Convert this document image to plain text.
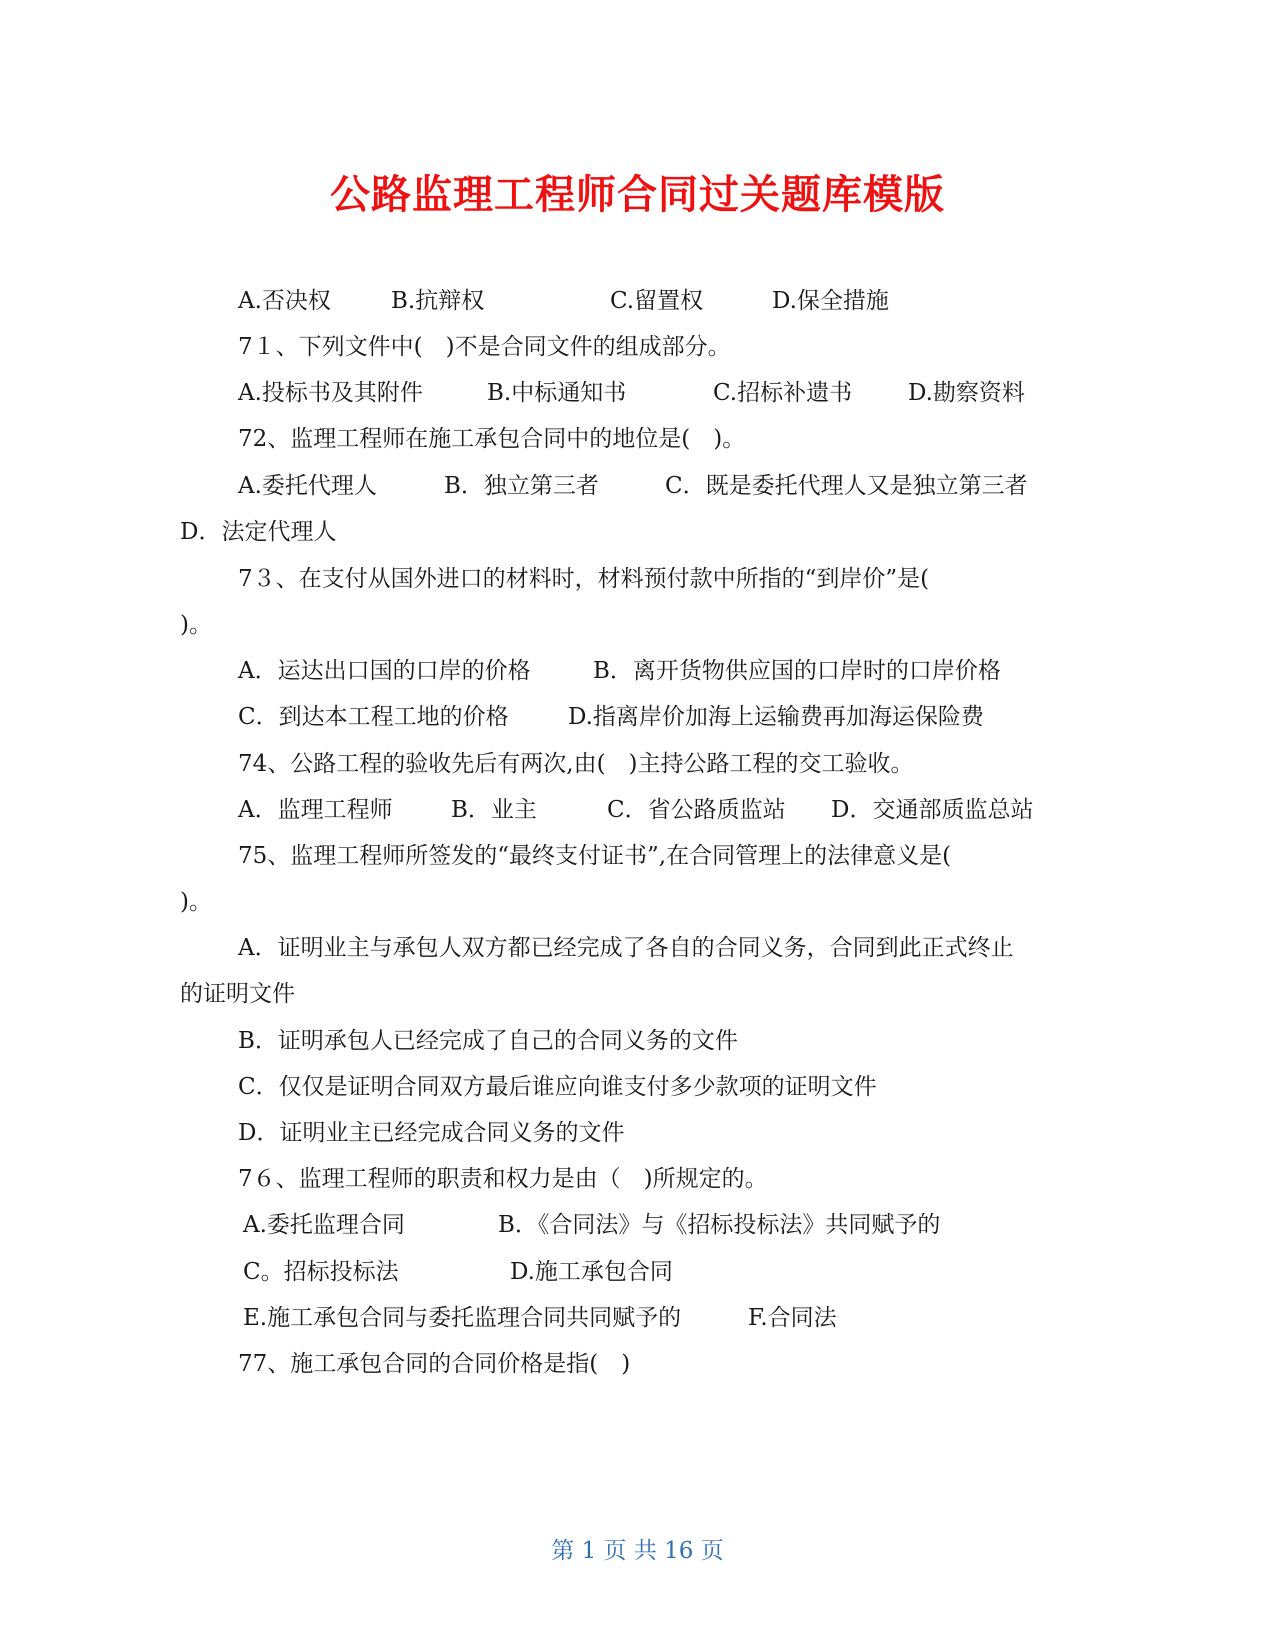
公路监理工程师合同过关题库模版
A.否决权	B.抗辩权	C.留置权	D.保全措施
7１、下列文件中(　)不是合同文件的组成部分。
A.投标书及其附件	B.中标通知书	C.招标补遗书 D.勘察资料
72、监理工程师在施工承包合同中的地位是(　)。
A.委托代理人	B．独立第三者	C．既是委托代理人又是独立第三者
D．法定代理人
7３、在支付从国外进口的材料时，材料预付款中所指的“到岸价”是(
)。
A．运达出口国的口岸的价格	B．离开货物供应国的口岸时的口岸价格
C．到达本工程工地的价格	D.指离岸价加海上运输费再加海运保险费
74、公路工程的验收先后有两次,由(　)主持公路工程的交工验收。
A．监理工程师	B．业主	C．省公路质监站 D．交通部质监总站
75、监理工程师所签发的“最终支付证书”,在合同管理上的法律意义是(
)。
A．证明业主与承包人双方都已经完成了各自的合同义务，合同到此正式终止
的证明文件
B．证明承包人已经完成了自己的合同义务的文件
C．仅仅是证明合同双方最后谁应向谁支付多少款项的证明文件
D．证明业主已经完成合同义务的文件
7６、监理工程师的职责和权力是由（　)所规定的。
A.委托监理合同	B．《合同法》与《招标投标法》共同赋予的
C。招标投标法	D.施工承包合同
E.施工承包合同与委托监理合同共同赋予的	F.合同法
77、施工承包合同的合同价格是指(　)
第 1 页 共 16 页
